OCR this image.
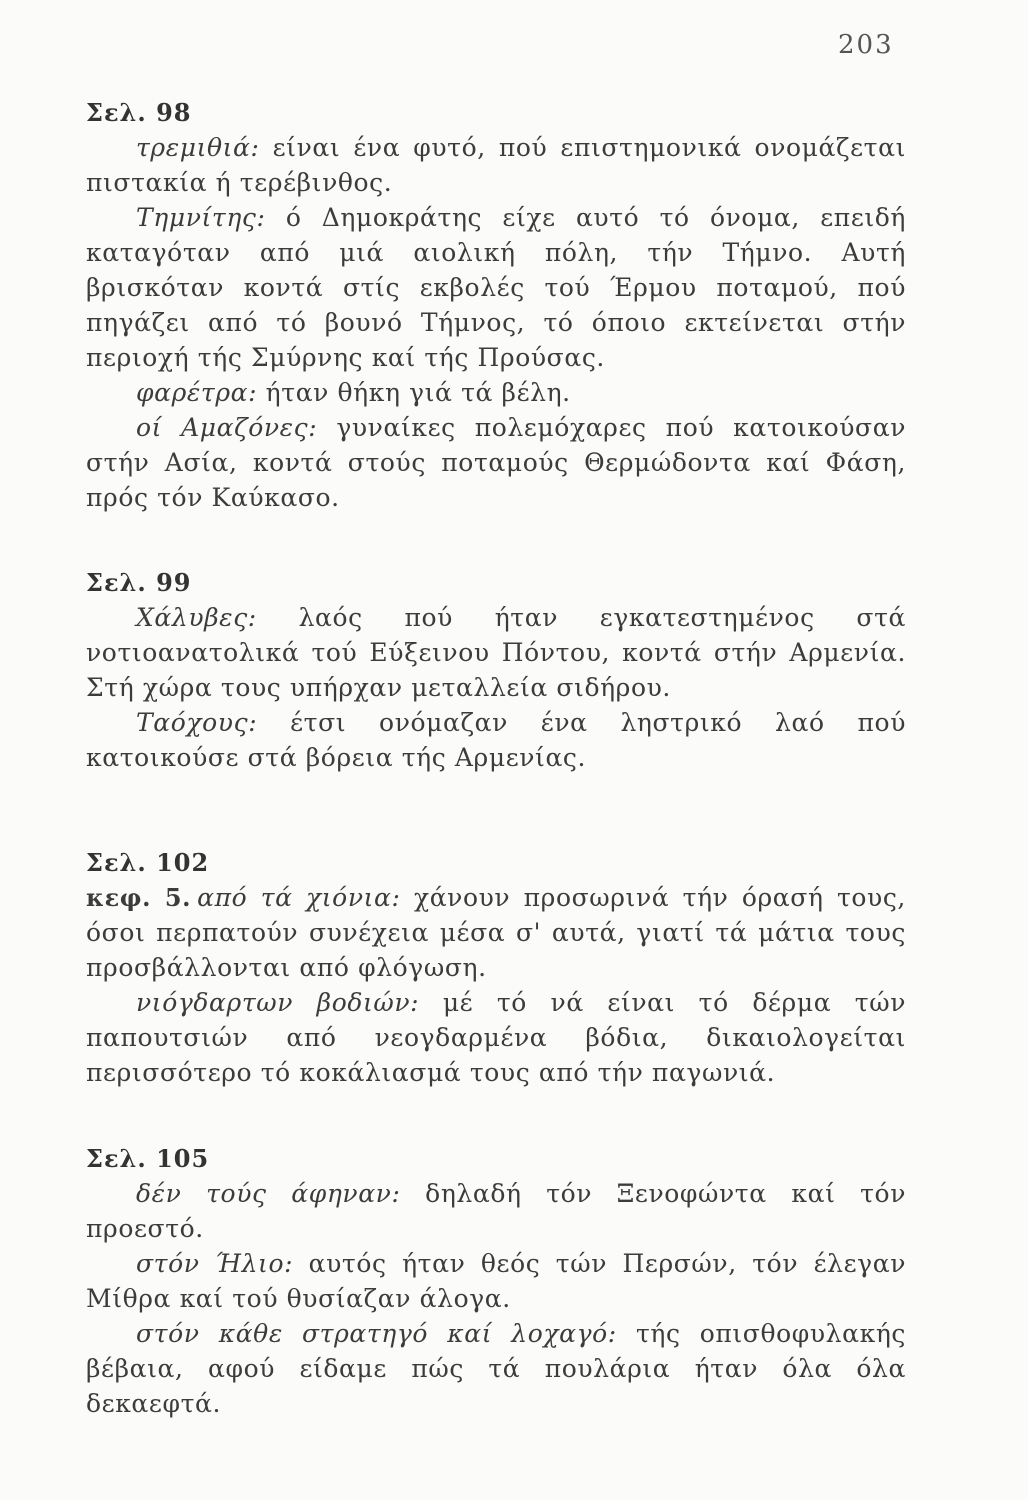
203
Σελ. 98

τρεμιθιά: είναι ένα φυτό, πού επιστημονικά ονομάζεται πιστακία ή τερέβινθος.

Τημνίτης: ό Δημοκράτης είχε αυτό τό όνομα, επειδή καταγόταν από μιά αιολική πόλη, τήν Τήμνο. Αυτή βρισκόταν κοντά στίς εκβολές τού Έρμου ποταμού, πού πηγάζει από τό βουνό Τήμνος, τό όποιο εκτείνεται στήν περιοχή τής Σμύρνης καί τής Προύσας.

φαρέτρα: ήταν θήκη γιά τά βέλη.

οί Αμαζόνες: γυναίκες πολεμόχαρες πού κατοικούσαν στήν Ασία, κοντά στούς ποταμούς Θερμώδοντα καί Φάση, πρός τόν Καύκασο.

Σελ. 99

Χάλυβες: λαός πού ήταν εγκατεστημένος στά νοτιοανατολικά τού Εύξεινου Πόντου, κοντά στήν Αρμενία. Στή χώρα τους υπήρχαν μεταλλεία σιδήρου.

Ταόχους: έτσι ονόμαζαν ένα ληστρικό λαό πού κατοικούσε στά βόρεια τής Αρμενίας.

Σελ. 102

κεφ. 5. από τά χιόνια: χάνουν προσωρινά τήν όρασή τους, όσοι περπατούν συνέχεια μέσα σ' αυτά, γιατί τά μάτια τους προσβάλλονται από φλόγωση.

νιόγδαρτων βοδιών: μέ τό νά είναι τό δέρμα τών παπουτσιών από νεογδαρμένα βόδια, δικαιολογείται περισσότερο τό κοκάλιασμά τους από τήν παγωνιά.

Σελ. 105

δέν τούς άφηναν: δηλαδή τόν Ξενοφώντα καί τόν προεστό.

στόν Ήλιο: αυτός ήταν θεός τών Περσών, τόν έλεγαν Μίθρα καί τού θυσίαζαν άλογα.

στόν κάθε στρατηγό καί λοχαγό: τής οπισθοφυλακής βέβαια, αφού είδαμε πώς τά πουλάρια ήταν όλα όλα δεκαεφτά.
